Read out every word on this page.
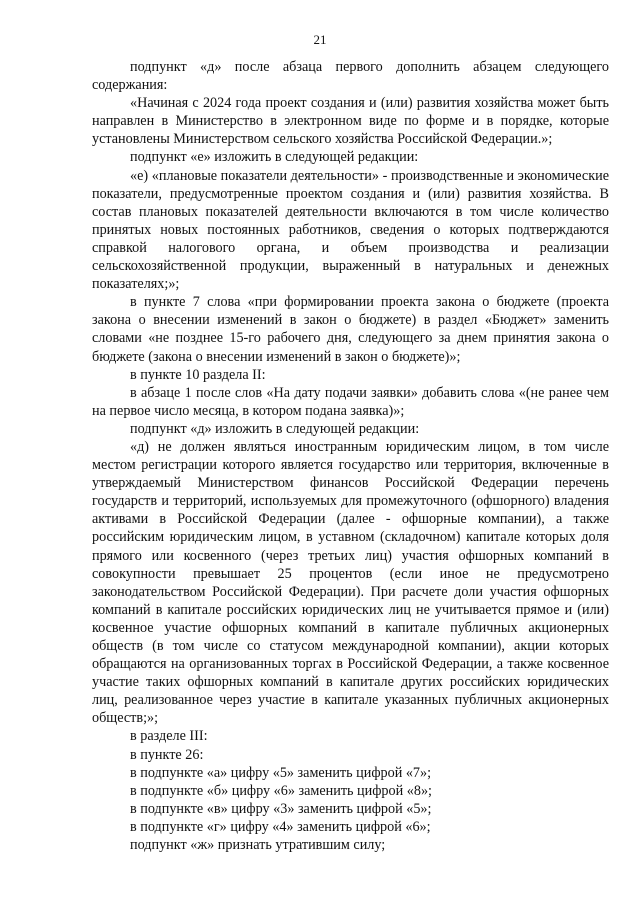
21

подпункт «д» после абзаца первого дополнить абзацем следующего содержания:

«Начиная с 2024 года проект создания и (или) развития хозяйства может быть направлен в Министерство в электронном виде по форме и в порядке, которые установлены Министерством сельского хозяйства Российской Федерации.»;

подпункт «е» изложить в следующей редакции:

«е) «плановые показатели деятельности» - производственные и экономические показатели, предусмотренные проектом создания и (или) развития хозяйства. В состав плановых показателей деятельности включаются в том числе количество принятых новых постоянных работников, сведения о которых подтверждаются справкой налогового органа, и объем производства и реализации сельскохозяйственной продукции, выраженный в натуральных и денежных показателях;»;

в пункте 7 слова «при формировании проекта закона о бюджете (проекта закона о внесении изменений в закон о бюджете) в раздел «Бюджет» заменить словами «не позднее 15-го рабочего дня, следующего за днем принятия закона о бюджете (закона о внесении изменений в закон о бюджете)»;

в пункте 10 раздела II:

в абзаце 1 после слов «На дату подачи заявки» добавить слова «(не ранее чем на первое число месяца, в котором подана заявка)»;

подпункт «д» изложить в следующей редакции:

«д) не должен являться иностранным юридическим лицом, в том числе местом регистрации которого является государство или территория, включенные в утверждаемый Министерством финансов Российской Федерации перечень государств и территорий, используемых для промежуточного (офшорного) владения активами в Российской Федерации (далее - офшорные компании), а также российским юридическим лицом, в уставном (складочном) капитале которых доля прямого или косвенного (через третьих лиц) участия офшорных компаний в совокупности превышает 25 процентов (если иное не предусмотрено законодательством Российской Федерации). При расчете доли участия офшорных компаний в капитале российских юридических лиц не учитывается прямое и (или) косвенное участие офшорных компаний в капитале публичных акционерных обществ (в том числе со статусом международной компании), акции которых обращаются на организованных торгах в Российской Федерации, а также косвенное участие таких офшорных компаний в капитале других российских юридических лиц, реализованное через участие в капитале указанных публичных акционерных обществ;»;

в разделе III:

в пункте 26:

в подпункте «а» цифру «5» заменить цифрой «7»;

в подпункте «б» цифру «6» заменить цифрой «8»;

в подпункте «в» цифру «3» заменить цифрой «5»;

в подпункте «г» цифру «4» заменить цифрой «6»;

подпункт «ж» признать утратившим силу;
